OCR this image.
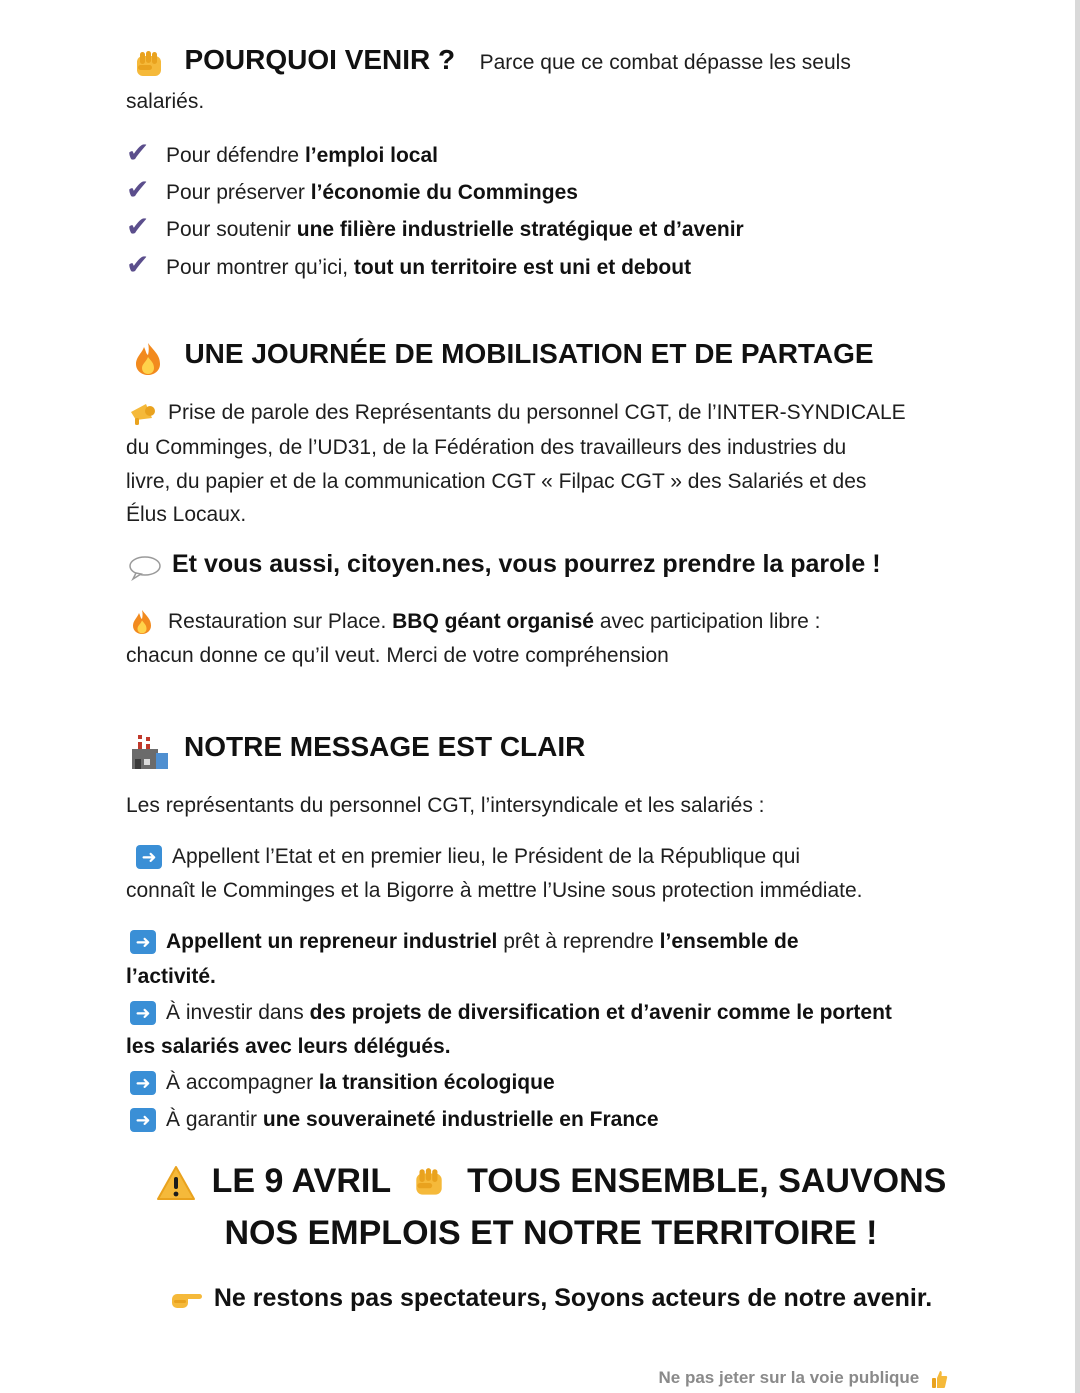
POURQUOI VENIR ? Parce que ce combat dépasse les seuls
salariés.
✔ Pour défendre l’emploi local
✔ Pour préserver l’économie du Comminges
✔ Pour soutenir une filière industrielle stratégique et d’avenir
✔ Pour montrer qu’ici, tout un territoire est uni et debout
UNE JOURNÉE DE MOBILISATION ET DE PARTAGE
Prise de parole des Représentants du personnel CGT, de l’INTER-SYNDICALE
du Comminges, de l’UD31, de la Fédération des travailleurs des industries du
livre, du papier et de la communication CGT « Filpac CGT » des Salariés et des
Élus Locaux.
Et vous aussi, citoyen.nes, vous pourrez prendre la parole !
Restauration sur Place. BBQ géant organisé avec participation libre :
chacun donne ce qu’il veut. Merci de votre compréhension
NOTRE MESSAGE EST CLAIR
Les représentants du personnel CGT, l’intersyndicale et les salariés :
➜ Appellent l’Etat et en premier lieu, le Président de la République qui
connaît le Comminges et la Bigorre à mettre l’Usine sous protection immédiate.
➜ Appellent un repreneur industriel prêt à reprendre l’ensemble de
l’activité.
➜ À investir dans des projets de diversification et d’avenir comme le portent
les salariés avec leurs délégués.
➜ À accompagner la transition écologique
➜ À garantir une souveraineté industrielle en France
LE 9 AVRIL TOUS ENSEMBLE, SAUVONS
NOS EMPLOIS ET NOTRE TERRITOIRE !
Ne restons pas spectateurs, Soyons acteurs de notre avenir.
Ne pas jeter sur la voie publique
